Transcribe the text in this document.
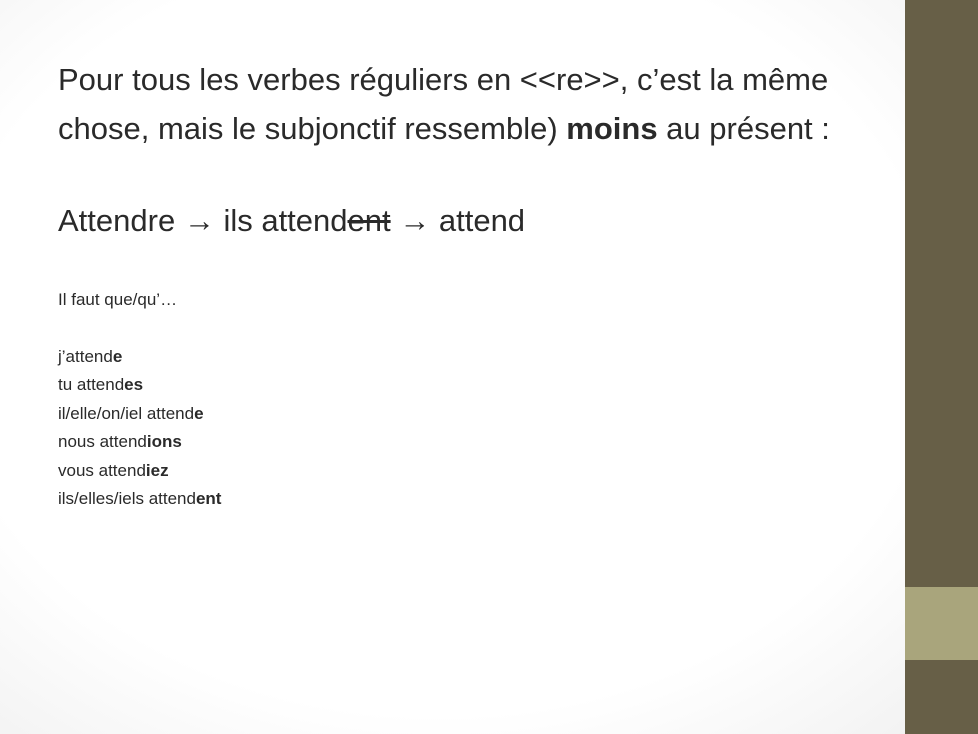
Pour tous les verbes réguliers en <<re>>, c’est la même chose, mais le subjonctif ressemble) moins au présent :

Attendre → ils attendent → attend
Il faut que/qu’…
j’attende
tu attendes
il/elle/on/iel attende
nous attendions
vous attendiez
ils/elles/iels attendent
